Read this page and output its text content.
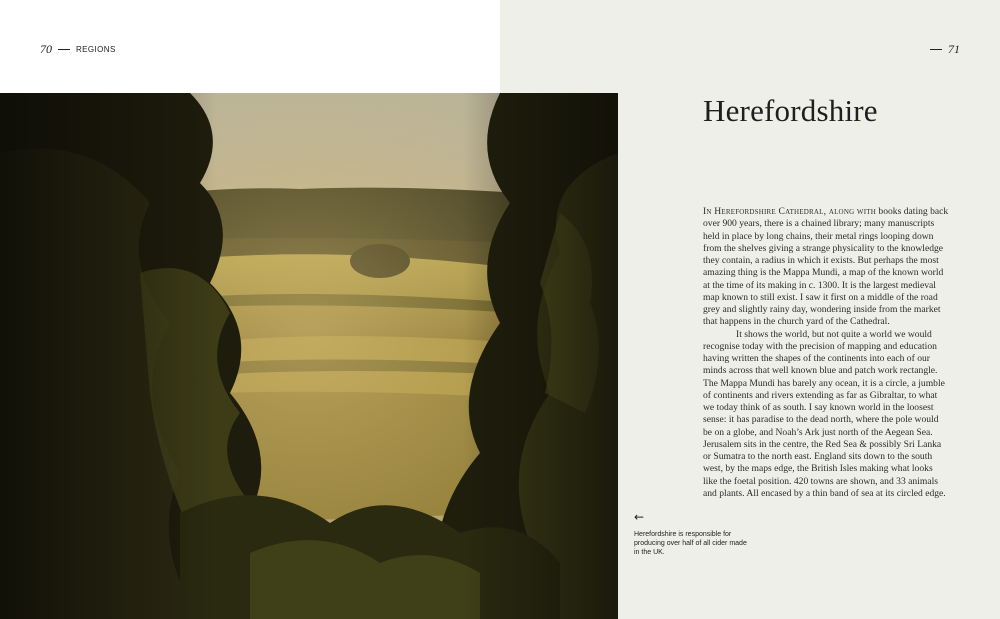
70	REGIONS	71
Herefordshire

In Herefordshire Cathedral, along with books dating back over 900 years, there is a chained library; many manuscripts held in place by long chains, their metal rings looping down from the shelves giving a strange physicality to the knowledge they contain, a radius in which it exists. But perhaps the most amazing thing is the Mappa Mundi, a map of the known world at the time of its making in c. 1300. It is the largest medieval map known to still exist. I saw it first on a middle of the road grey and slightly rainy day, wondering inside from the market that happens in the church yard of the Cathedral.

It shows the world, but not quite a world we would recognise today with the precision of mapping and education having written the shapes of the continents into each of our minds across that well known blue and patch work rectangle. The Mappa Mundi has barely any ocean, it is a circle, a jumble of continents and rivers extending as far as Gibraltar, to what we today think of as south. I say known world in the loosest sense: it has paradise to the dead north, where the pole would be on a globe, and Noah’s Ark just north of the Aegean Sea. Jerusalem sits in the centre, the Red Sea & possibly Sri Lanka or Sumatra to the north east. England sits down to the south west, by the maps edge, the British Isles making what looks like the foetal position. 420 towns are shown, and 33 animals and plants. All encased by a thin band of sea at its circled edge.

←
Herefordshire is responsible for producing over half of all cider made in the UK.
